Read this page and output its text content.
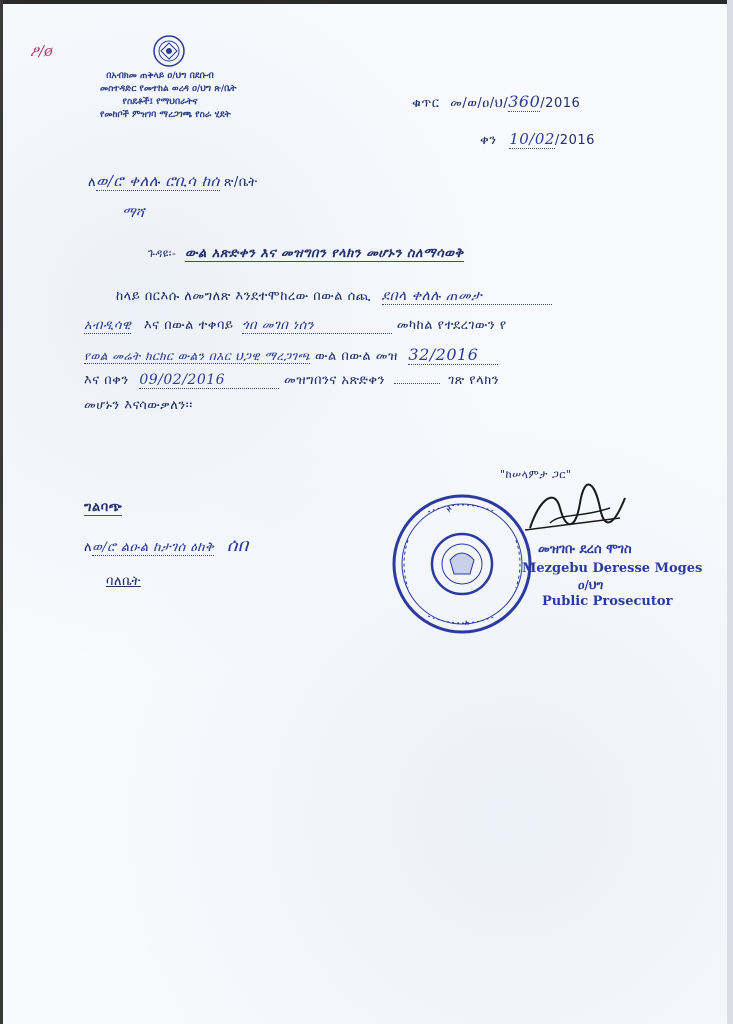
ፆ/ø
በአብክመ ጠቅላይ ዐ/ህግ በደቡብ
መስተዳድር የመተከል ወረዳ ዐ/ህግ ጽ/ቤት
የስደቶች፤ የማህበራትና
የመከቦች ምዝገባ ማረጋገጫ የስራ ሂደት
ቁጥር መ/ወ/ዐ/ህ/360/2016
ቀን 10/02/2016
ለወ/ሮ ቀለሉ ሮቢሳ ከሰ ጽ/ቤት
ማሻ
ጉዳዩ፡- ውል አጽድቀን እና መዝግበን የላክን መሆኑን ስለማሳወቅ
ከላይ በርእሱ ለመግለጽ እንደተሞከረው በውል ሰጪ ደበላ ቀለሉ ጠመታ
አብዲሳዊ እና በውል ተቀባይ ጎበ መገበ ነሰን	መካከል የተደረገውን የ
የወል መሬት ክርክር ውልን በእር ህጋዊ ማረጋገጫ ውል በውል መዝ 32/2016
እና በቀን 09/02/2016	መዝግበንና አጽድቀን	ገጽ የላክን
መሆኑን እናሳውቃለን፡፡
"ከሠላምታ ጋር"
ግልባጭ
ለወ/ሮ ልዑል ከታገሰ ዕከቅ ሰበ
ባለቤት
መዝገቡ ደረሰ ሞገስ
Mezgebu Deresse Moges
ዐ/ህግ
Public Prosecutor
